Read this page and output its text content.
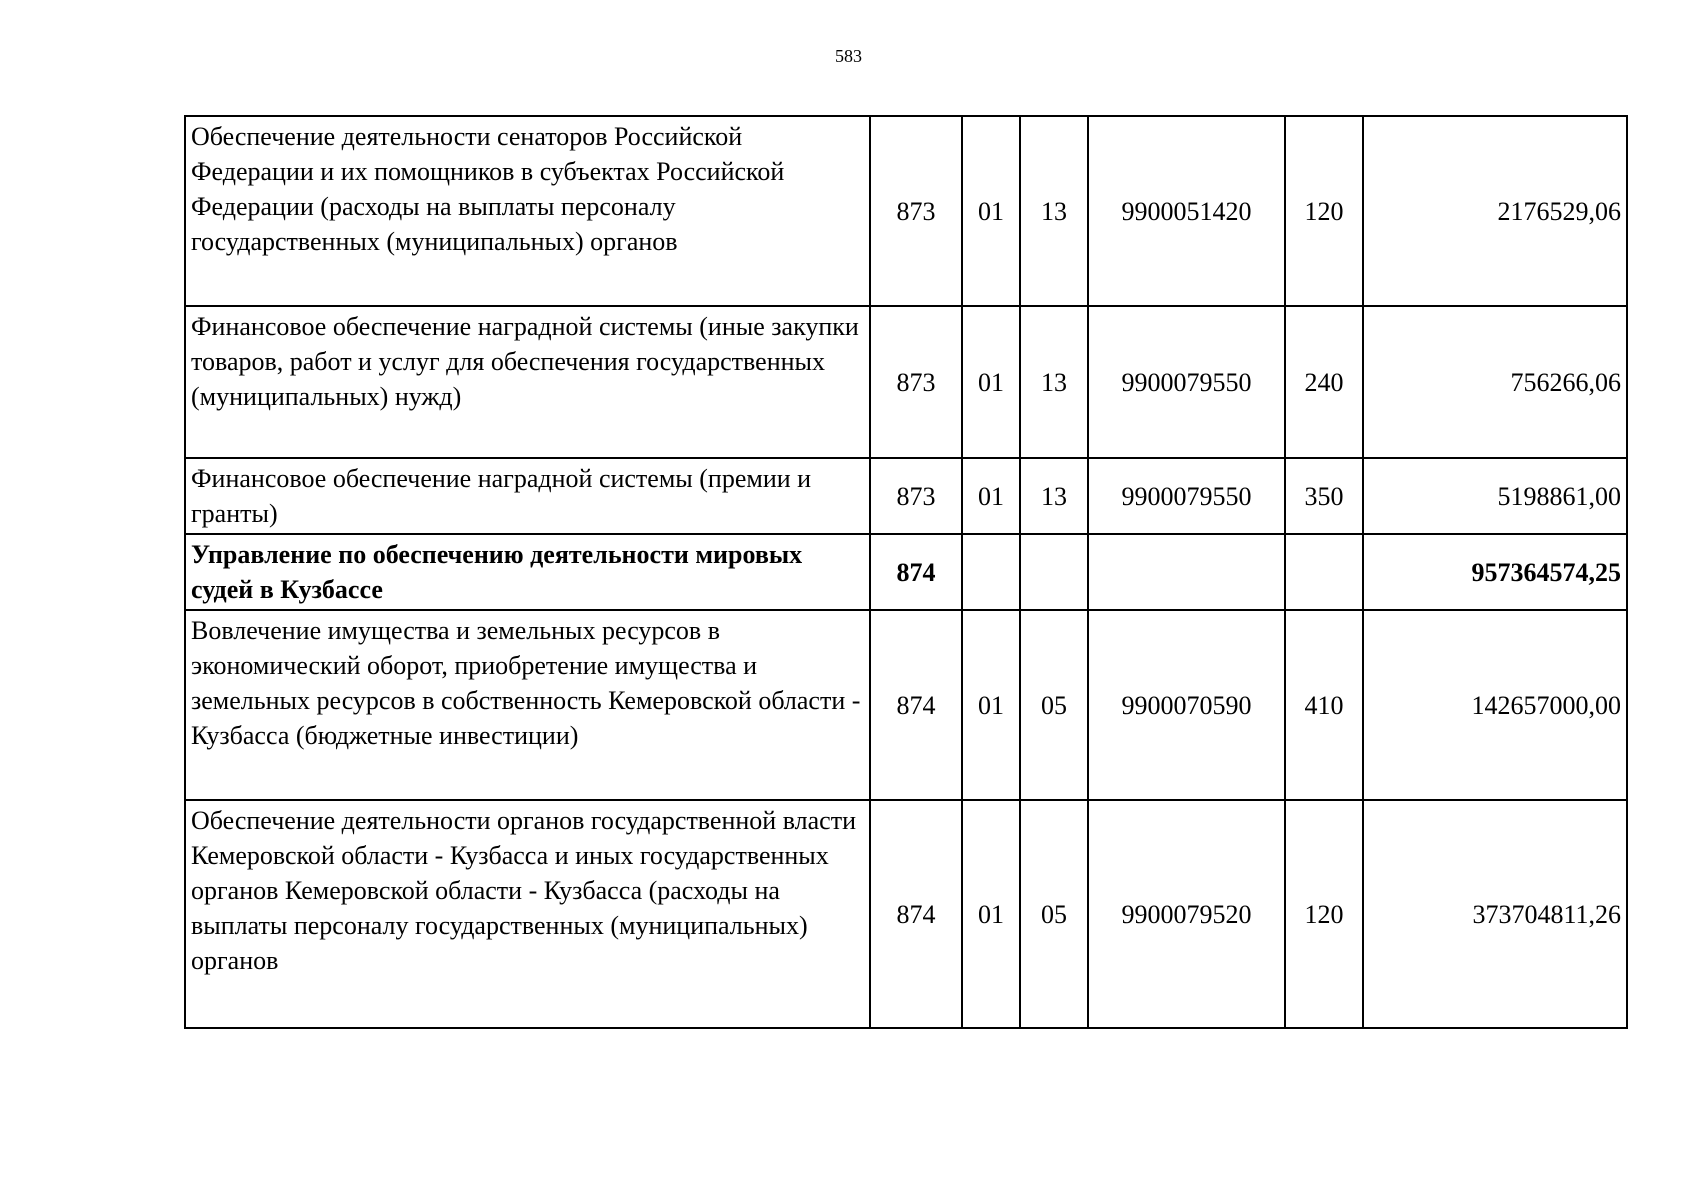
583
Обеспечение деятельности сенаторов Российской Федерации и их помощников в субъектах Российской Федерации (расходы на выплаты персоналу государственных (муниципальных) органов	873	01	13	9900051420	120	2176529,06
Финансовое обеспечение наградной системы (иные закупки товаров, работ и услуг для обеспечения государственных (муниципальных) нужд)	873	01	13	9900079550	240	756266,06
Финансовое обеспечение наградной системы (премии и гранты)	873	01	13	9900079550	350	5198861,00
Управление по обеспечению деятельности мировых судей в Кузбассе	874					957364574,25
Вовлечение имущества и земельных ресурсов в экономический оборот, приобретение имущества и земельных ресурсов в собственность Кемеровской области - Кузбасса (бюджетные инвестиции)	874	01	05	9900070590	410	142657000,00
Обеспечение деятельности органов государственной власти Кемеровской области - Кузбасса и иных государственных органов Кемеровской области - Кузбасса (расходы на выплаты персоналу государственных (муниципальных) органов	874	01	05	9900079520	120	373704811,26
